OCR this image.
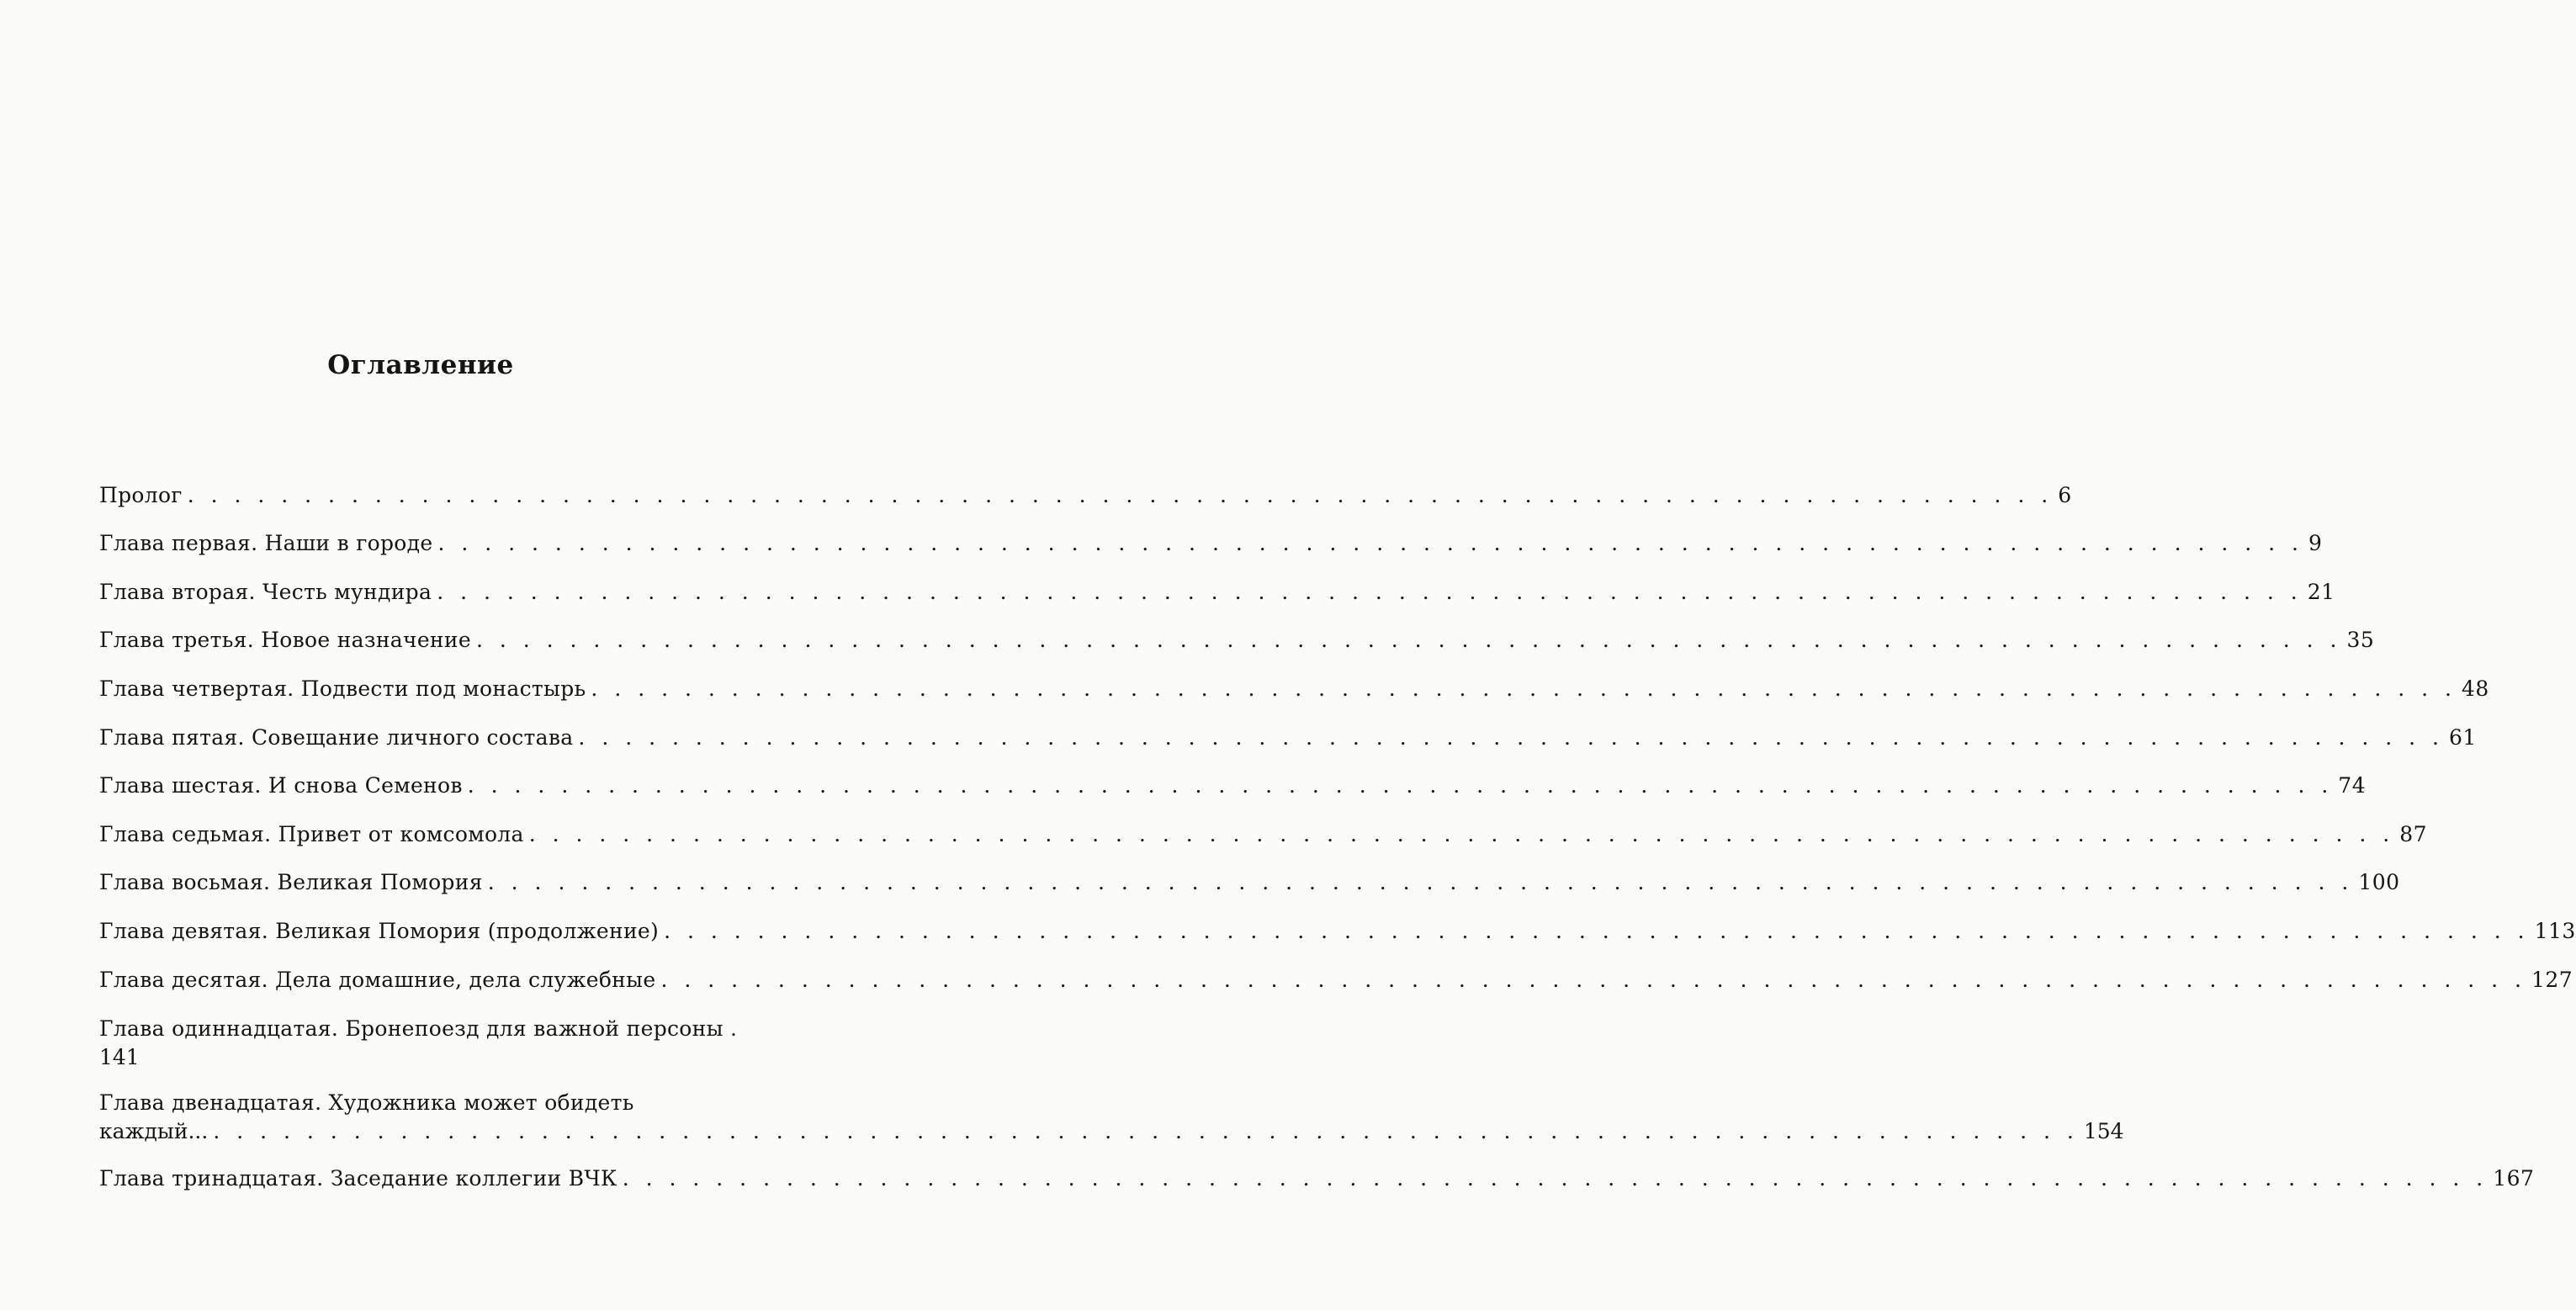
Оглавление
Пролог . . . . . . . . . . . . . . . . . . . . . . . . . . . . . . . . . . . . . . . . . . . . . . . . . . . . . . . . . . . . . . . . . . . . . . . . . . . . . . . . 6
Глава первая. Наши в городе . . . . . . . . . . . . . . . . . . . . . . . . . . . . . . . . . . . . . . . . . . . . . . . . . . . . . . . . . . . . . . . . . . . . . . . . . . . . . . . . 9
Глава вторая. Честь мундира . . . . . . . . . . . . . . . . . . . . . . . . . . . . . . . . . . . . . . . . . . . . . . . . . . . . . . . . . . . . . . . . . . . . . . . . . . . . . . . . 21
Глава третья. Новое назначение . . . . . . . . . . . . . . . . . . . . . . . . . . . . . . . . . . . . . . . . . . . . . . . . . . . . . . . . . . . . . . . . . . . . . . . . . . . . . . . . 35
Глава четвертая. Подвести под монастырь . . . . . . . . . . . . . . . . . . . . . . . . . . . . . . . . . . . . . . . . . . . . . . . . . . . . . . . . . . . . . . . . . . . . . . . . . . . . . . . . 48
Глава пятая. Совещание личного состава . . . . . . . . . . . . . . . . . . . . . . . . . . . . . . . . . . . . . . . . . . . . . . . . . . . . . . . . . . . . . . . . . . . . . . . . . . . . . . . . 61
Глава шестая. И снова Семенов . . . . . . . . . . . . . . . . . . . . . . . . . . . . . . . . . . . . . . . . . . . . . . . . . . . . . . . . . . . . . . . . . . . . . . . . . . . . . . . . 74
Глава седьмая. Привет от комсомола . . . . . . . . . . . . . . . . . . . . . . . . . . . . . . . . . . . . . . . . . . . . . . . . . . . . . . . . . . . . . . . . . . . . . . . . . . . . . . . . 87
Глава восьмая. Великая Помория . . . . . . . . . . . . . . . . . . . . . . . . . . . . . . . . . . . . . . . . . . . . . . . . . . . . . . . . . . . . . . . . . . . . . . . . . . . . . . . . 100
Глава девятая. Великая Помория (продолжение) . . . . . . . . . . . . . . . . . . . . . . . . . . . . . . . . . . . . . . . . . . . . . . . . . . . . . . . . . . . . . . . . . . . . . . . . . . . . . . . . 113
Глава десятая. Дела домашние, дела служебные . . . . . . . . . . . . . . . . . . . . . . . . . . . . . . . . . . . . . . . . . . . . . . . . . . . . . . . . . . . . . . . . . . . . . . . . . . . . . . . . 127
Глава одиннадцатая. Бронепоезд для важной персоны .
141
Глава двенадцатая. Художника может обидеть
каждый... . . . . . . . . . . . . . . . . . . . . . . . . . . . . . . . . . . . . . . . . . . . . . . . . . . . . . . . . . . . . . . . . . . . . . . . . . . . . . . . . 154
Глава тринадцатая. Заседание коллегии ВЧК . . . . . . . . . . . . . . . . . . . . . . . . . . . . . . . . . . . . . . . . . . . . . . . . . . . . . . . . . . . . . . . . . . . . . . . . . . . . . . . . 167
